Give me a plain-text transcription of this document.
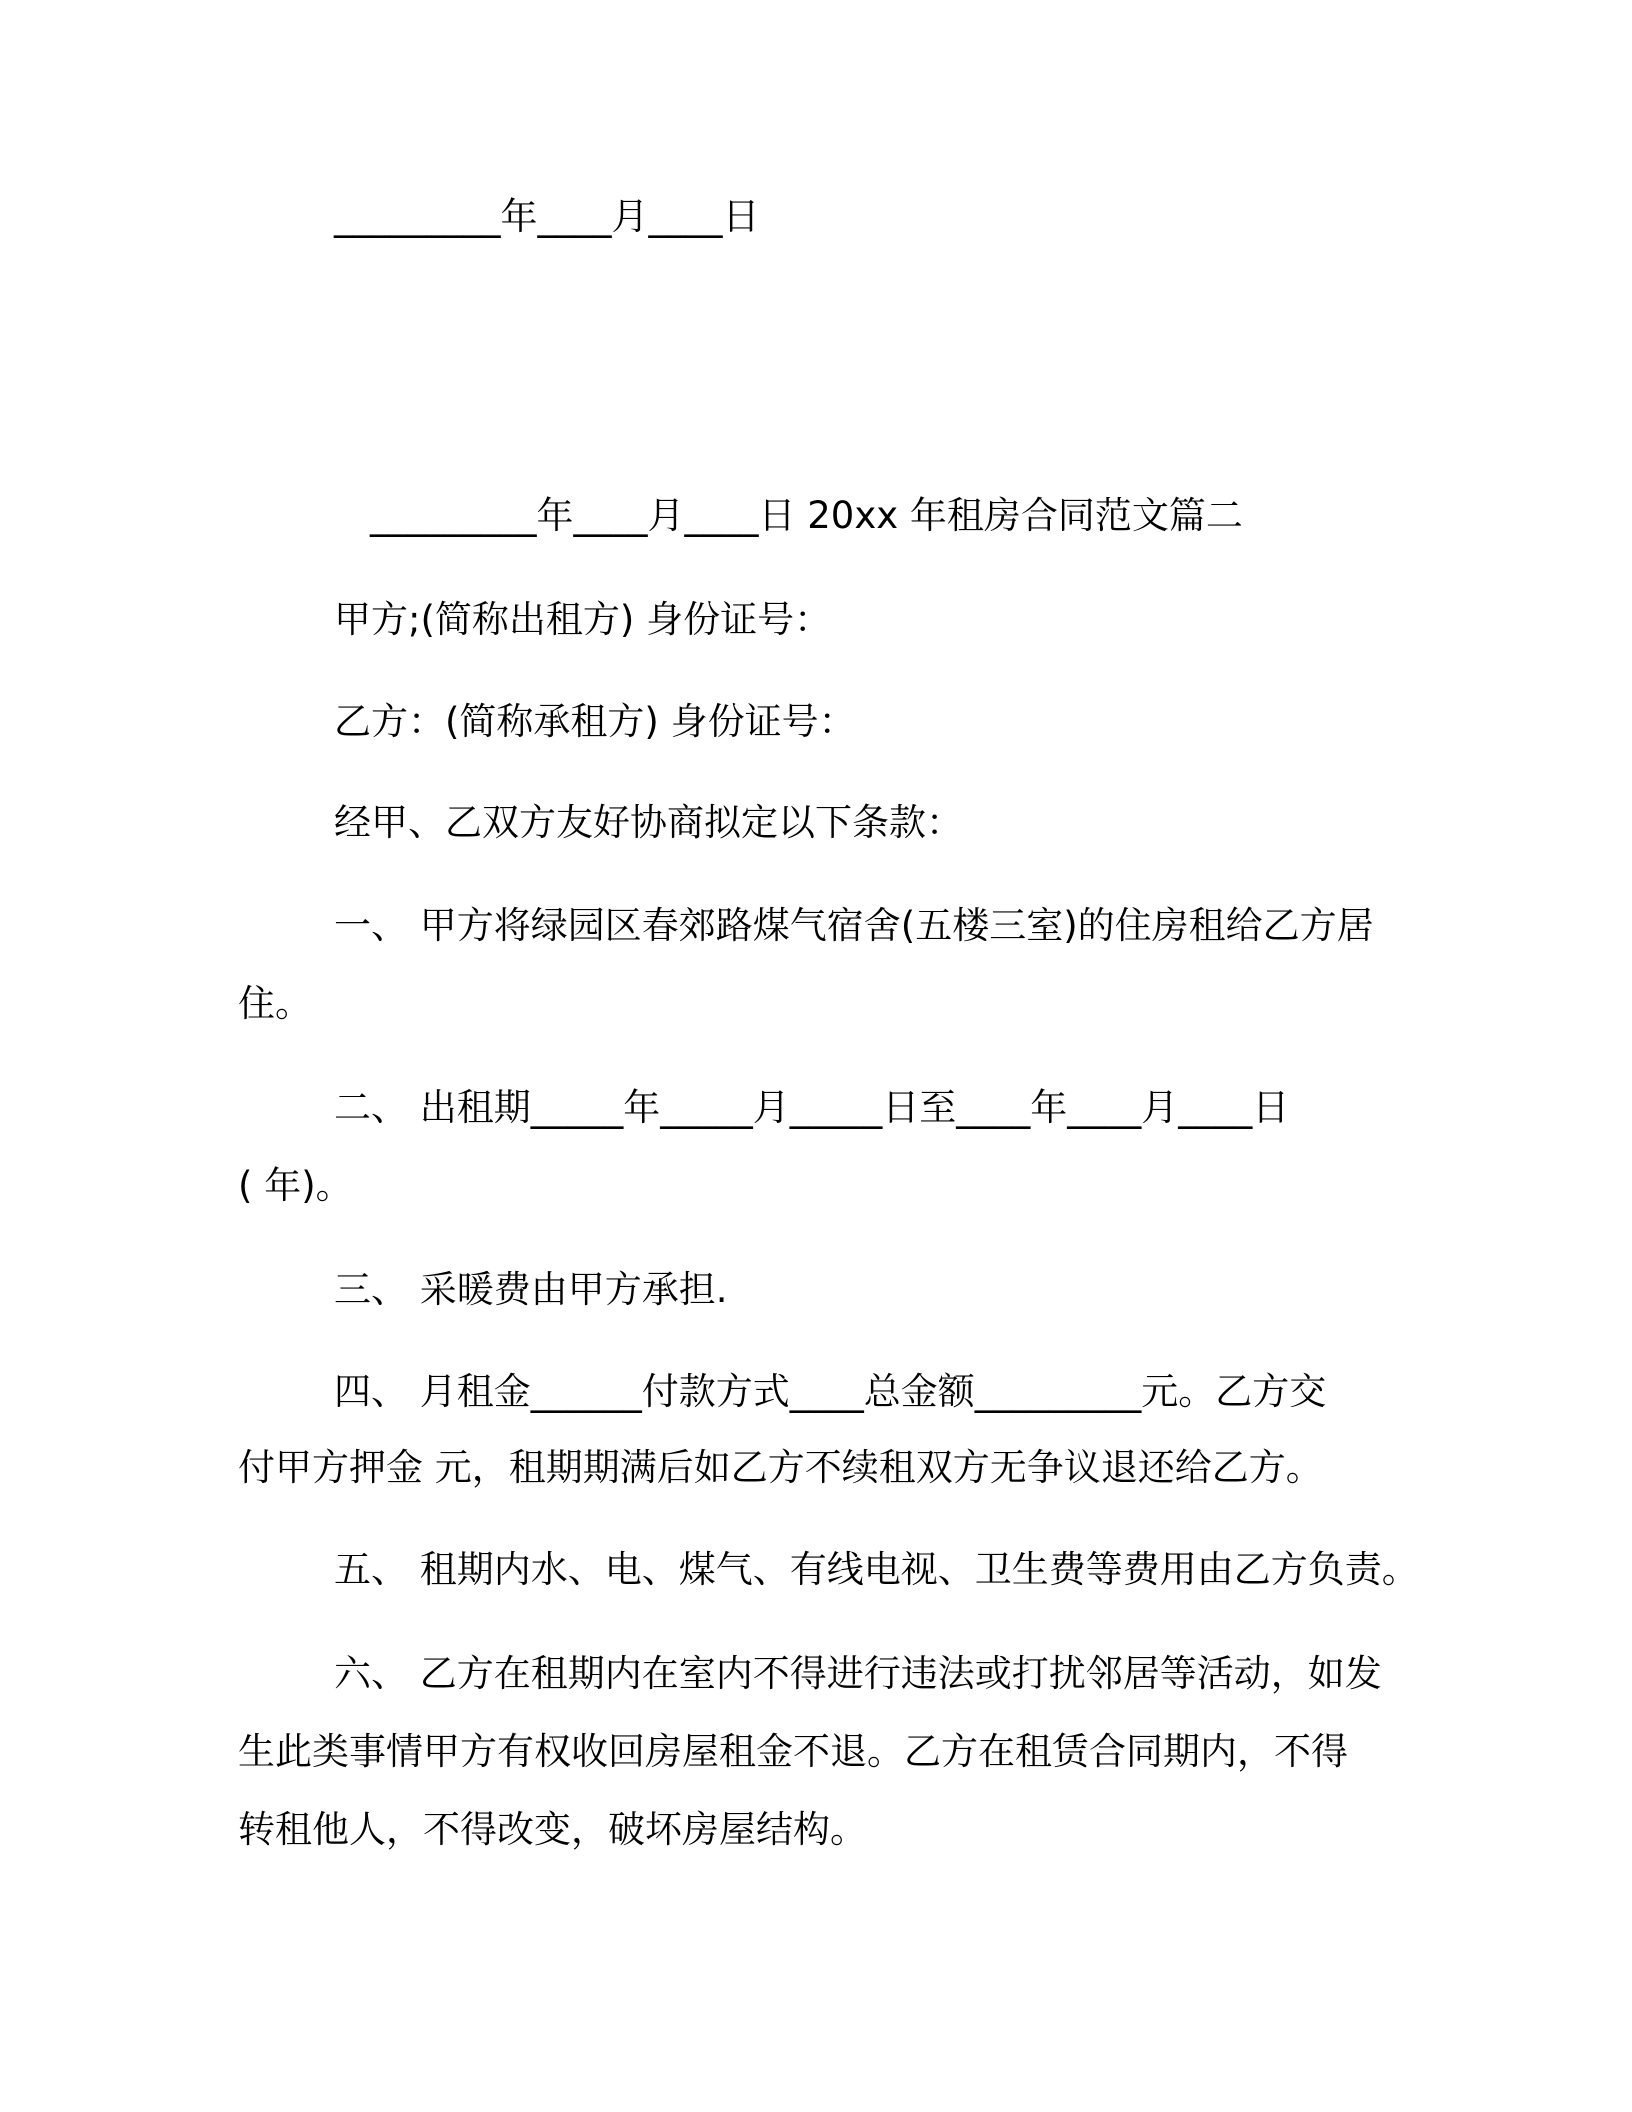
_________年____月____日
_________年____月____日 20xx 年租房合同范文篇二
甲方;(简称出租方) 身份证号：
乙方：(简称承租方) 身份证号：
经甲、乙双方友好协商拟定以下条款：
一、 甲方将绿园区春郊路煤气宿舍(五楼三室)的住房租给乙方居
住。
二、 出租期_____年_____月_____日至____年____月____日
( 年)。
三、 采暖费由甲方承担.
四、 月租金______付款方式____总金额_________元。乙方交
付甲方押金 元，租期期满后如乙方不续租双方无争议退还给乙方。
五、 租期内水、电、煤气、有线电视、卫生费等费用由乙方负责。
六、 乙方在租期内在室内不得进行违法或打扰邻居等活动，如发
生此类事情甲方有权收回房屋租金不退。乙方在租赁合同期内，不得
转租他人，不得改变，破坏房屋结构。
